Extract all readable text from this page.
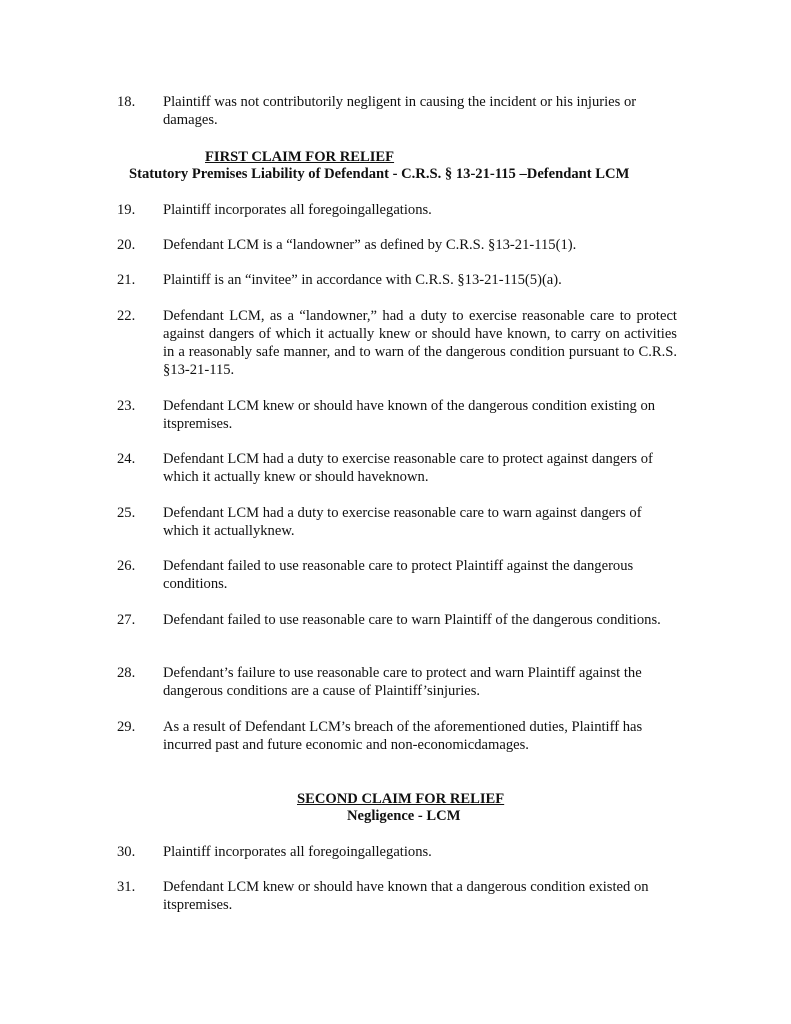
18. Plaintiff was not contributorily negligent in causing the incident or his injuries or damages.
FIRST CLAIM FOR RELIEF
Statutory Premises Liability of Defendant - C.R.S. § 13-21-115 –Defendant LCM
19. Plaintiff incorporates all foregoingallegations.
20. Defendant LCM is a “landowner” as defined by C.R.S. §13-21-115(1).
21. Plaintiff is an “invitee” in accordance with C.R.S. §13-21-115(5)(a).
22. Defendant LCM, as a “landowner,” had a duty to exercise reasonable care to protect against dangers of which it actually knew or should have known, to carry on activities in a reasonably safe manner, and to warn of the dangerous condition pursuant to C.R.S. §13-21-115.
23. Defendant LCM knew or should have known of the dangerous condition existing on itspremises.
24. Defendant LCM had a duty to exercise reasonable care to protect against dangers of which it actually knew or should haveknown.
25. Defendant LCM had a duty to exercise reasonable care to warn against dangers of which it actuallyknew.
26. Defendant failed to use reasonable care to protect Plaintiff against the dangerous conditions.
27. Defendant failed to use reasonable care to warn Plaintiff of the dangerous conditions.
28. Defendant’s failure to use reasonable care to protect and warn Plaintiff against the dangerous conditions are a cause of Plaintiff’sinjuries.
29. As a result of Defendant LCM’s breach of the aforementioned duties, Plaintiff has incurred past and future economic and non-economicdamages.
SECOND CLAIM FOR RELIEF
Negligence - LCM
30. Plaintiff incorporates all foregoingallegations.
31. Defendant LCM knew or should have known that a dangerous condition existed on itspremises.
